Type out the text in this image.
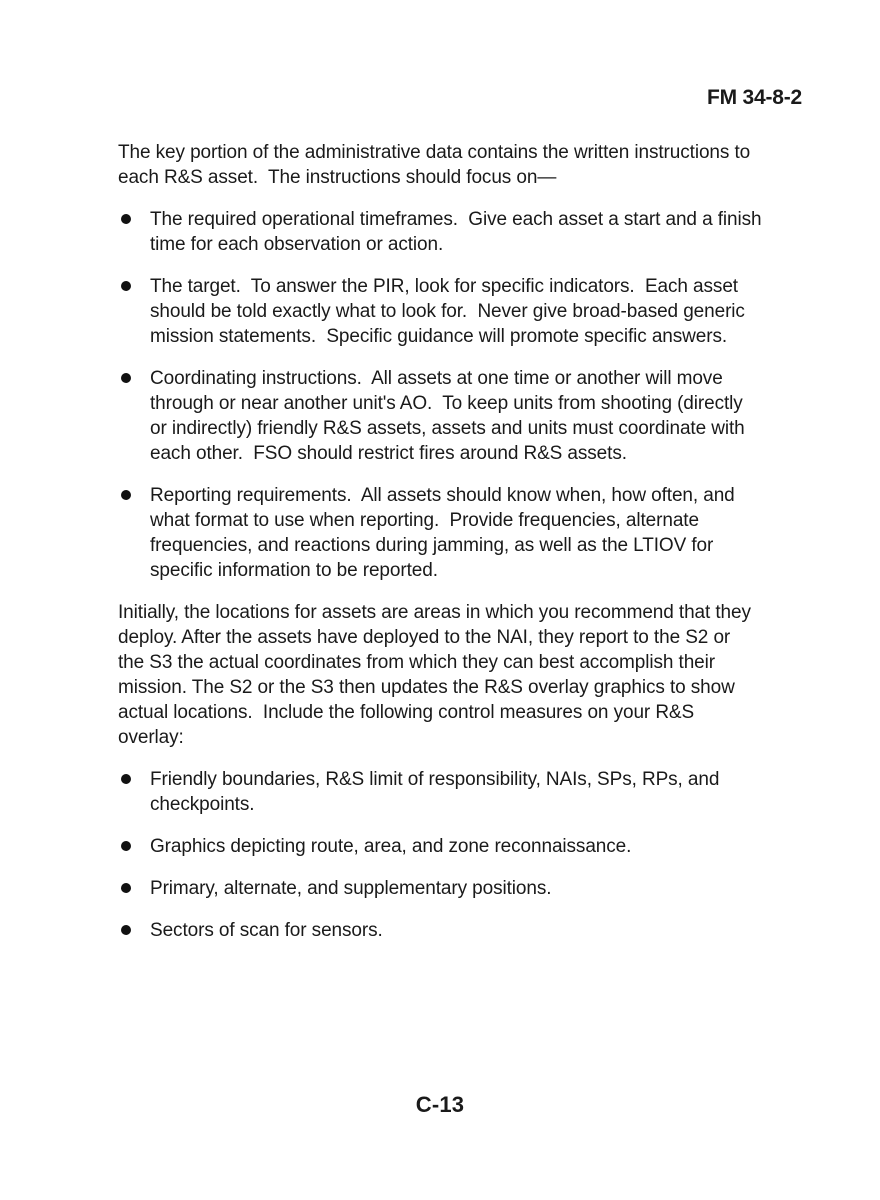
FM 34-8-2
The key portion of the administrative data contains the written instructions to
each R&S asset.  The instructions should focus on—
The required operational timeframes.  Give each asset a start and a finish
time for each observation or action.
The target.  To answer the PIR, look for specific indicators.  Each asset
should be told exactly what to look for.  Never give broad-based generic
mission statements.  Specific guidance will promote specific answers.
Coordinating instructions.  All assets at one time or another will move
through or near another unit's AO.  To keep units from shooting (directly
or indirectly) friendly R&S assets, assets and units must coordinate with
each other.  FSO should restrict fires around R&S assets.
Reporting requirements.  All assets should know when, how often, and
what format to use when reporting.  Provide frequencies, alternate
frequencies, and reactions during jamming, as well as the LTIOV for
specific information to be reported.
Initially, the locations for assets are areas in which you recommend that they
deploy. After the assets have deployed to the NAI, they report to the S2 or
the S3 the actual coordinates from which they can best accomplish their
mission. The S2 or the S3 then updates the R&S overlay graphics to show
actual locations.  Include the following control measures on your R&S
overlay:
Friendly boundaries, R&S limit of responsibility, NAIs, SPs, RPs, and
checkpoints.
Graphics depicting route, area, and zone reconnaissance.
Primary, alternate, and supplementary positions.
Sectors of scan for sensors.
C-13
